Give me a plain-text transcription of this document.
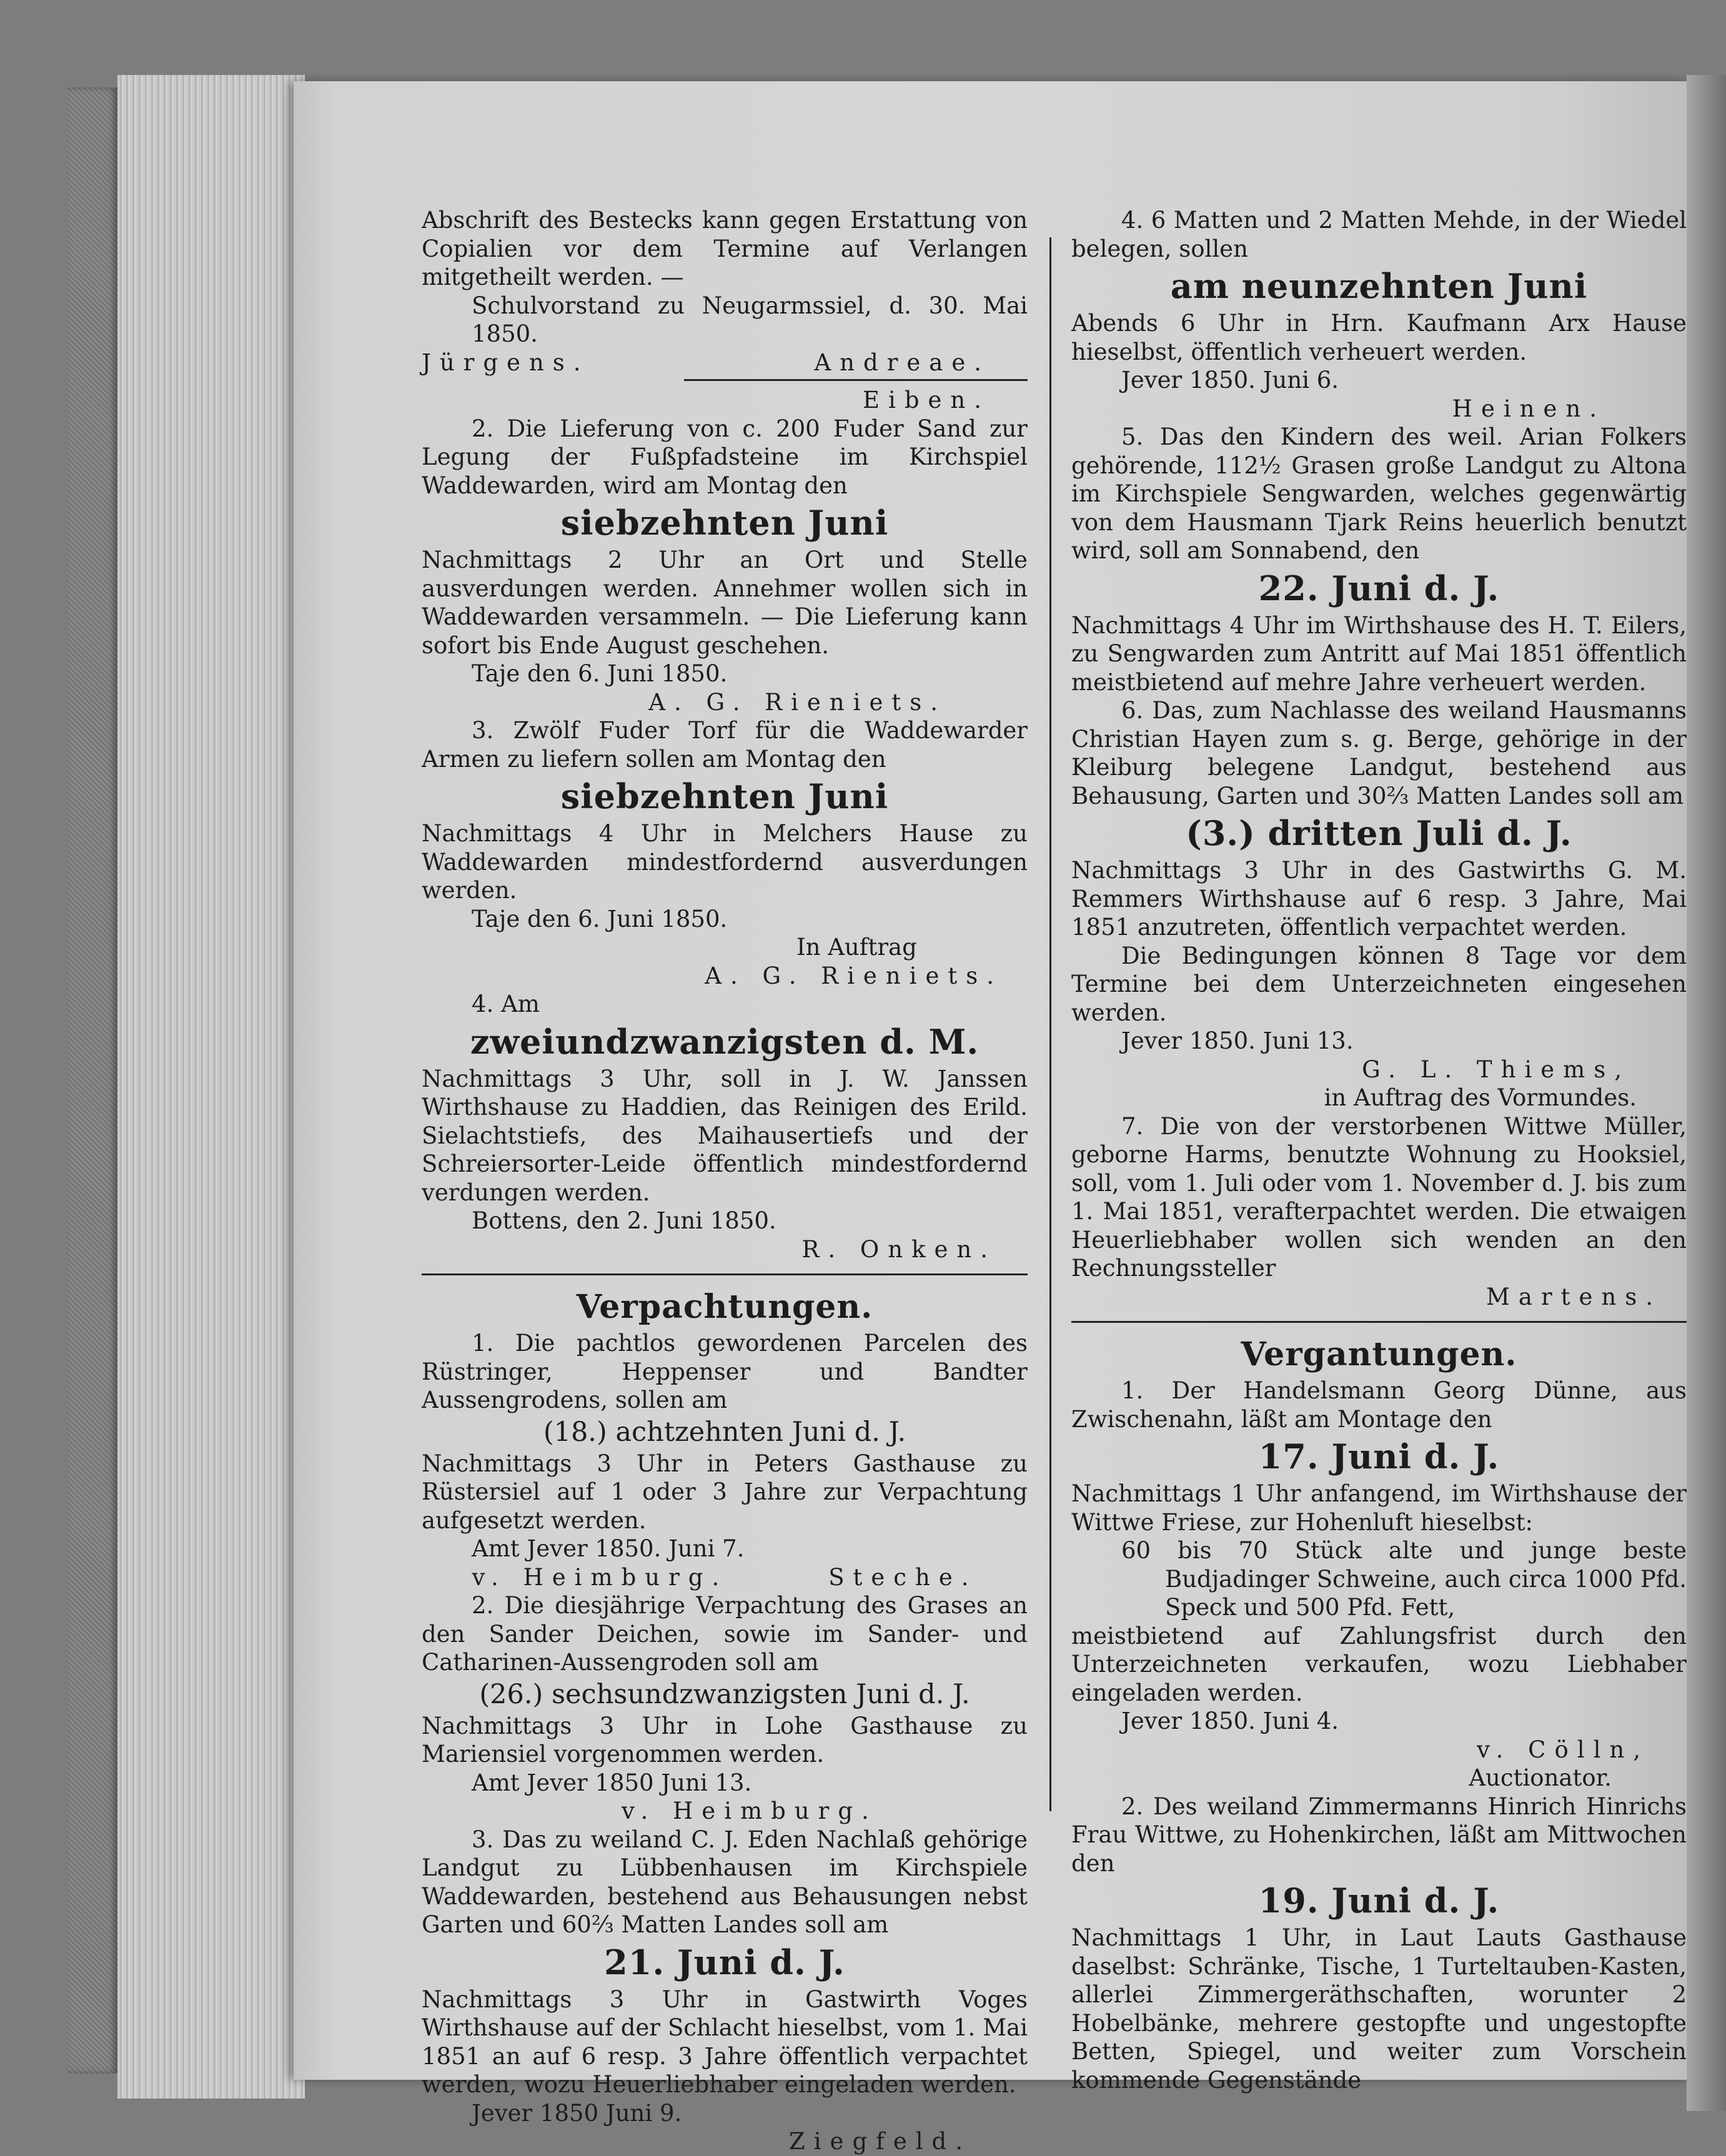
Abschrift des Bestecks kann gegen Erstattung von Copialien vor dem Termine auf Verlangen mitgetheilt werden. —

Schulvorstand zu Neugarmssiel, d. 30. Mai 1850.

Jürgens.	Andreae.

Eiben.

2. Die Lieferung von c. 200 Fuder Sand zur Legung der Fußpfadsteine im Kirchspiel Waddewarden, wird am Montag den

siebzehnten Juni

Nachmittags 2 Uhr an Ort und Stelle ausverdungen werden. Annehmer wollen sich in Waddewarden versammeln. — Die Lieferung kann sofort bis Ende August geschehen.

Taje den 6. Juni 1850.

A. G. Rieniets.

3. Zwölf Fuder Torf für die Waddewarder Armen zu liefern sollen am Montag den

siebzehnten Juni

Nachmittags 4 Uhr in Melchers Hause zu Waddewarden mindestfordernd ausverdungen werden.

Taje den 6. Juni 1850.

In Auftrag

A. G. Rieniets.

4. Am

zweiundzwanzigsten d. M.

Nachmittags 3 Uhr, soll in J. W. Janssen Wirthshause zu Haddien, das Reinigen des Erild. Sielachtstiefs, des Maihausertiefs und der Schreiersorter-Leide öffentlich mindestfordernd verdungen werden.

Bottens, den 2. Juni 1850.

R. Onken.

Verpachtungen.

1. Die pachtlos gewordenen Parcelen des Rüstringer, Heppenser und Bandter Aussengrodens, sollen am

(18.) achtzehnten Juni d. J.

Nachmittags 3 Uhr in Peters Gasthause zu Rüstersiel auf 1 oder 3 Jahre zur Verpachtung aufgesetzt werden.

Amt Jever 1850. Juni 7.

v. Heimburg.	Steche.

2. Die diesjährige Verpachtung des Grases an den Sander Deichen, sowie im Sander- und Catharinen-Aussengroden soll am

(26.) sechsundzwanzigsten Juni d. J.

Nachmittags 3 Uhr in Lohe Gasthause zu Mariensiel vorgenommen werden.

Amt Jever 1850 Juni 13.

v. Heimburg.

3. Das zu weiland C. J. Eden Nachlaß gehörige Landgut zu Lübbenhausen im Kirchspiele Waddewarden, bestehend aus Behausungen nebst Garten und 60⅔ Matten Landes soll am

21. Juni d. J.

Nachmittags 3 Uhr in Gastwirth Voges Wirthshause auf der Schlacht hieselbst, vom 1. Mai 1851 an auf 6 resp. 3 Jahre öffentlich verpachtet werden, wozu Heuerliebhaber eingeladen werden.

Jever 1850 Juni 9.

Ziegfeld.

4. 6 Matten und 2 Matten Mehde, in der Wiedel belegen, sollen

am neunzehnten Juni

Abends 6 Uhr in Hrn. Kaufmann Arx Hause hieselbst, öffentlich verheuert werden.

Jever 1850. Juni 6.

Heinen.

5. Das den Kindern des weil. Arian Folkers gehörende, 112½ Grasen große Landgut zu Altona im Kirchspiele Sengwarden, welches gegenwärtig von dem Hausmann Tjark Reins heuerlich benutzt wird, soll am Sonnabend, den

22. Juni d. J.

Nachmittags 4 Uhr im Wirthshause des H. T. Eilers, zu Sengwarden zum Antritt auf Mai 1851 öffentlich meistbietend auf mehre Jahre verheuert werden.

6. Das, zum Nachlasse des weiland Hausmanns Christian Hayen zum s. g. Berge, gehörige in der Kleiburg belegene Landgut, bestehend aus Behausung, Garten und 30⅔ Matten Landes soll am

(3.) dritten Juli d. J.

Nachmittags 3 Uhr in des Gastwirths G. M. Remmers Wirthshause auf 6 resp. 3 Jahre, Mai 1851 anzutreten, öffentlich verpachtet werden.

Die Bedingungen können 8 Tage vor dem Termine bei dem Unterzeichneten eingesehen werden.

Jever 1850. Juni 13.

G. L. Thiems,

in Auftrag des Vormundes.

7. Die von der verstorbenen Wittwe Müller, geborne Harms, benutzte Wohnung zu Hooksiel, soll, vom 1. Juli oder vom 1. November d. J. bis zum 1. Mai 1851, verafterpachtet werden. Die etwaigen Heuerliebhaber wollen sich wenden an den Rechnungssteller

Martens.

Vergantungen.

1. Der Handelsmann Georg Dünne, aus Zwischenahn, läßt am Montage den

17. Juni d. J.

Nachmittags 1 Uhr anfangend, im Wirthshause der Wittwe Friese, zur Hohenluft hieselbst:

60 bis 70 Stück alte und junge beste Budjadinger Schweine, auch circa 1000 Pfd. Speck und 500 Pfd. Fett,

meistbietend auf Zahlungsfrist durch den Unterzeichneten verkaufen, wozu Liebhaber eingeladen werden.

Jever 1850. Juni 4.

v. Cölln,

Auctionator.

2. Des weiland Zimmermanns Hinrich Hinrichs Frau Wittwe, zu Hohenkirchen, läßt am Mittwochen den

19. Juni d. J.

Nachmittags 1 Uhr, in Laut Lauts Gasthause daselbst: Schränke, Tische, 1 Turteltauben-Kasten, allerlei Zimmergeräthschaften, worunter 2 Hobelbänke, mehrere gestopfte und ungestopfte Betten, Spiegel, und weiter zum Vorschein kommende Gegenstände
